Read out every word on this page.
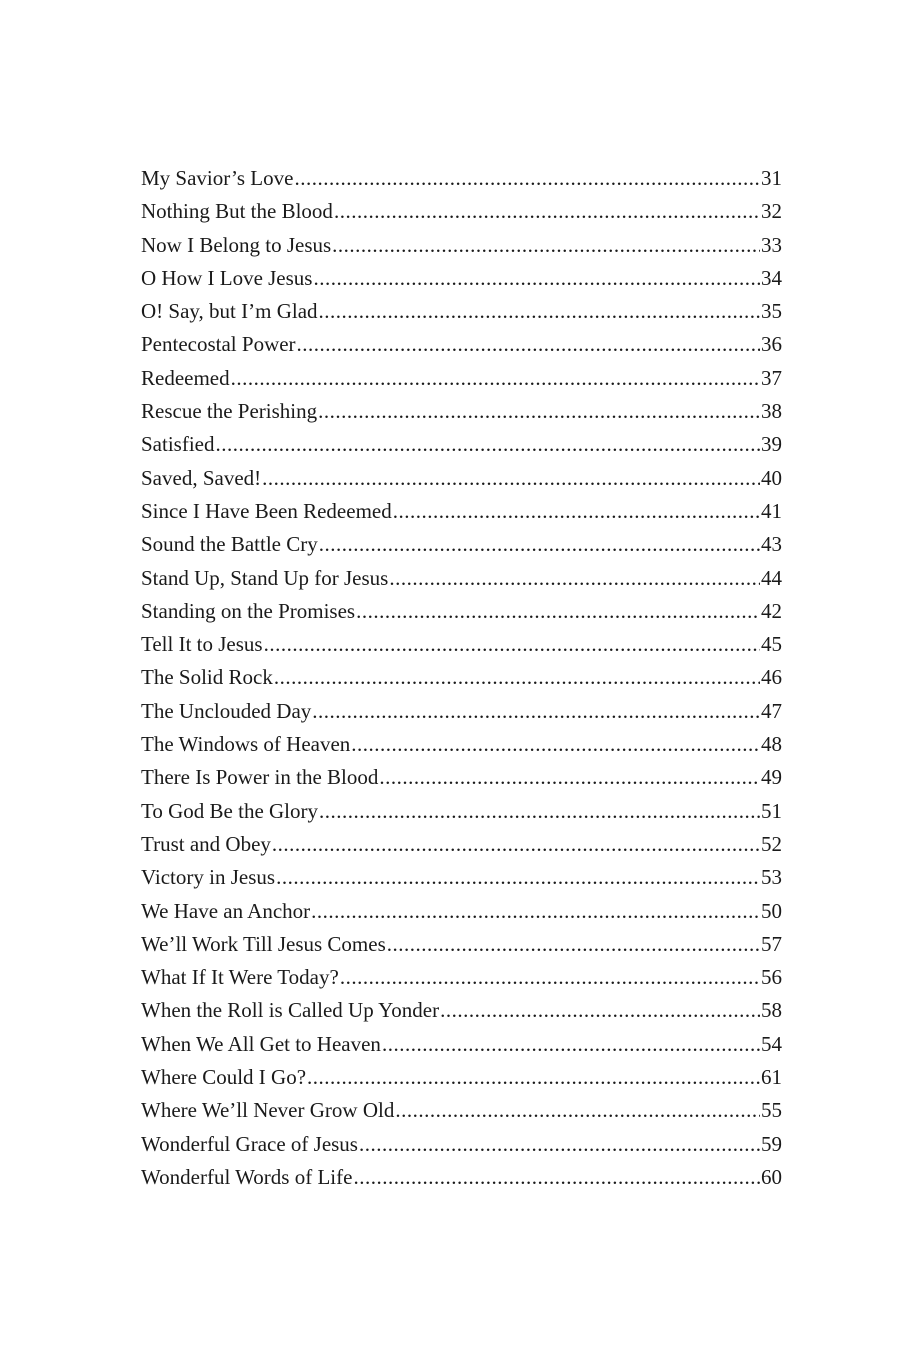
My Savior’s Love .....	31
Nothing But the Blood .....	32
Now I Belong to Jesus .....	33
O How I Love Jesus .....	34
O! Say, but I’m Glad .....	35
Pentecostal Power .....	36
Redeemed .....	37
Rescue the Perishing .....	38
Satisfied .....	39
Saved, Saved! .....	40
Since I Have Been Redeemed .....	41
Sound the Battle Cry .....	43
Stand Up, Stand Up for Jesus .....	44
Standing on the Promises .....	42
Tell It to Jesus .....	45
The Solid Rock .....	46
The Unclouded Day .....	47
The Windows of Heaven .....	48
There Is Power in the Blood .....	49
To God Be the Glory .....	51
Trust and Obey .....	52
Victory in Jesus .....	53
We Have an Anchor .....	50
We’ll Work Till Jesus Comes .....	57
What If It Were Today? .....	56
When the Roll is Called Up Yonder .....	58
When We All Get to Heaven .....	54
Where Could I Go? .....	61
Where We’ll Never Grow Old .....	55
Wonderful Grace of Jesus .....	59
Wonderful Words of Life .....	60
